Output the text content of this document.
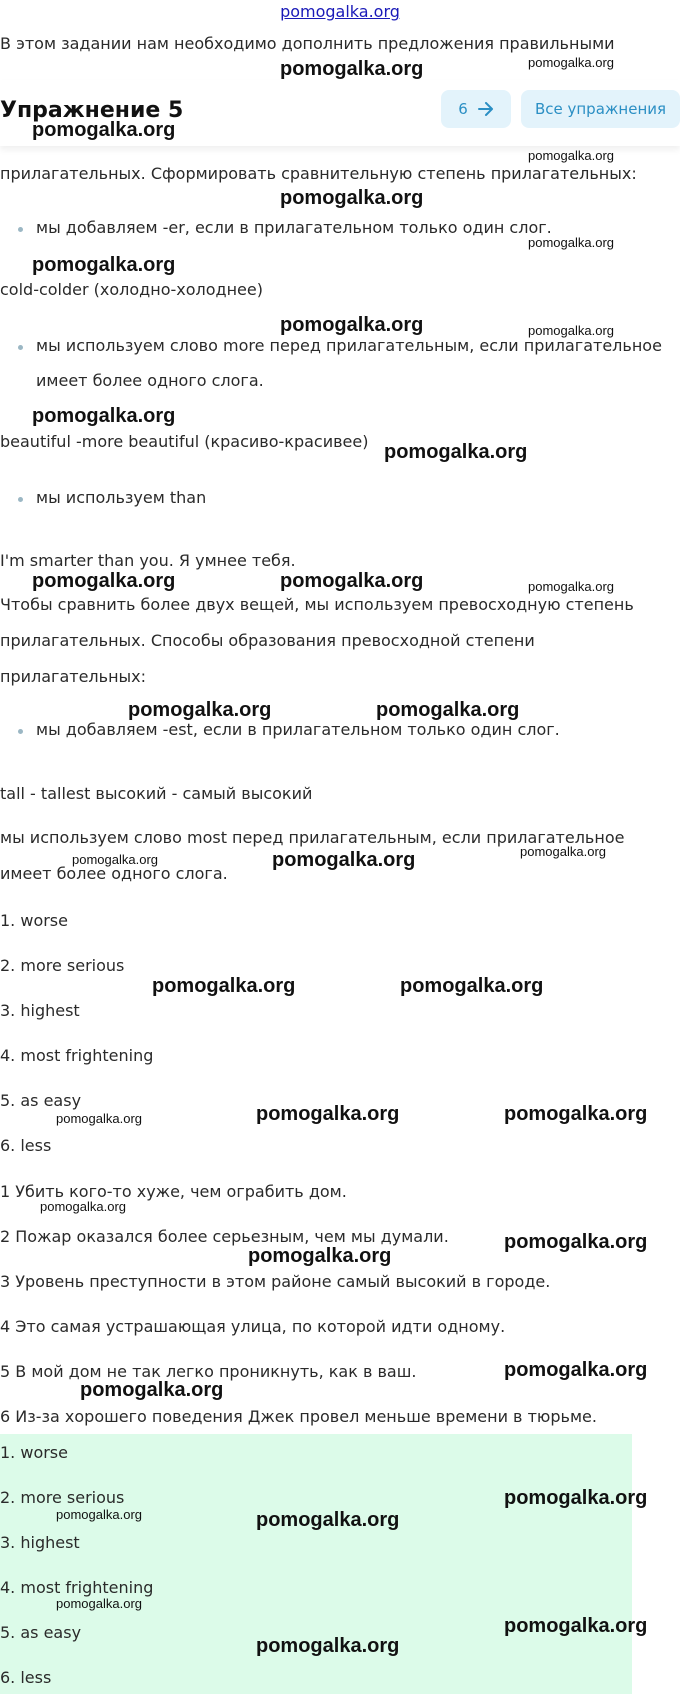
pomogalka.org
В этом задании нам необходимо дополнить предложения правильными
Упражнение 5	6	Все упражнения
прилагательных. Сформировать сравнительную степень прилагательных:
мы добавляем -er, если в прилагательном только один слог.
cold-colder (холодно-холоднее)
мы используем слово more перед прилагательным, если прилагательное
имеет более одного слога.
beautiful -more beautiful (красиво-красивее)
мы используем than
I'm smarter than you. Я умнее тебя.
Чтобы сравнить более двух вещей, мы используем превосходную степень
прилагательных. Способы образования превосходной степени
прилагательных:
мы добавляем -est, если в прилагательном только один слог.
tall - tallest высокий - самый высокий
мы используем слово most перед прилагательным, если прилагательное
имеет более одного слога.
1. worse
2. more serious
3. highest
4. most frightening
5. as easy
6. less
1 Убить кого-то хуже, чем ограбить дом.
2 Пожар оказался более серьезным, чем мы думали.
3 Уровень преступности в этом районе самый высокий в городе.
4 Это самая устрашающая улица, по которой идти одному.
5 В мой дом не так легко проникнуть, как в ваш.
6 Из-за хорошего поведения Джек провел меньше времени в тюрьме.
1. worse
2. more serious
3. highest
4. most frightening
5. as easy
6. less
pomogalka.org	pomogalka.org
pomogalka.org
pomogalka.org
pomogalka.org
pomogalka.org
pomogalka.org
pomogalka.org	pomogalka.org
pomogalka.org
pomogalka.org
pomogalka.org	pomogalka.org	pomogalka.org
pomogalka.org	pomogalka.org
pomogalka.org	pomogalka.org	pomogalka.org
pomogalka.org	pomogalka.org
pomogalka.org	pomogalka.org	pomogalka.org
pomogalka.org
pomogalka.org
pomogalka.org
pomogalka.org
pomogalka.org
pomogalka.org
pomogalka.org	pomogalka.org
pomogalka.org
pomogalka.org
pomogalka.org
